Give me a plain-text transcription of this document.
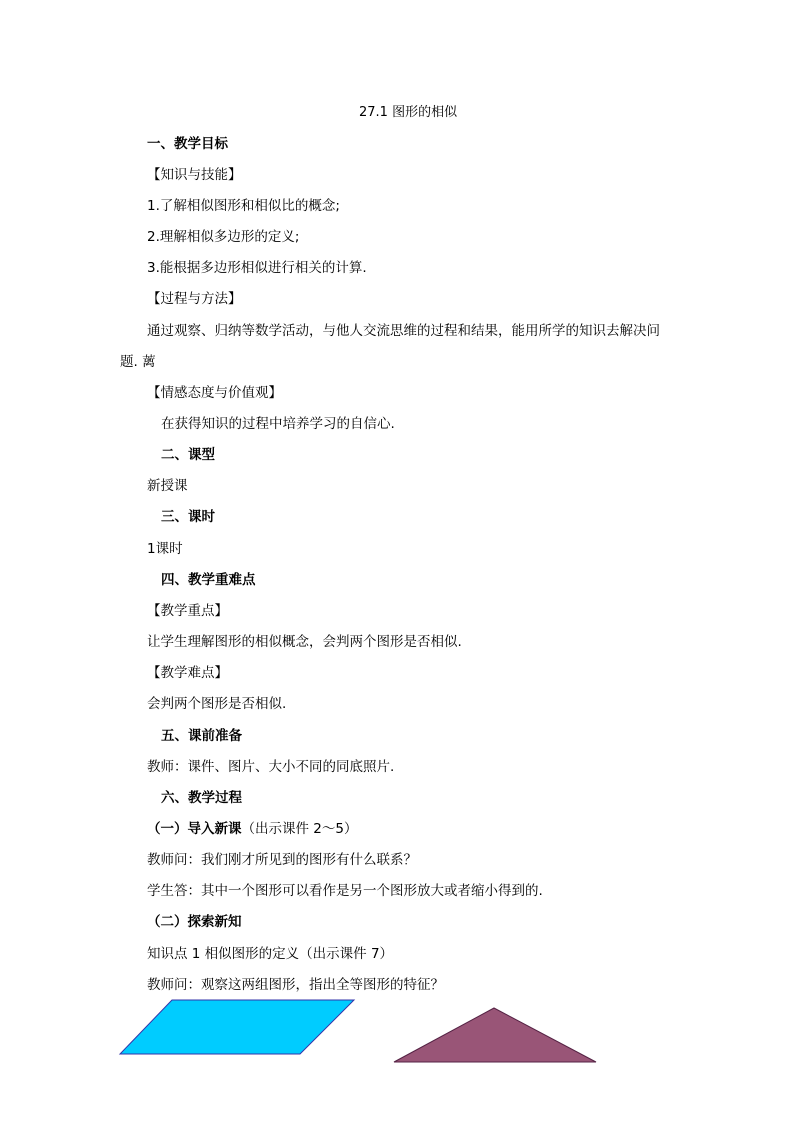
27.1 图形的相似
一、教学目标
【知识与技能】
1.了解相似图形和相似比的概念;
2.理解相似多边形的定义;
3.能根据多边形相似进行相关的计算.
【过程与方法】
通过观察、归纳等数学活动，与他人交流思维的过程和结果，能用所学的知识去解决问
题. 蓠
【情感态度与价值观】
在获得知识的过程中培养学习的自信心.
二、课型
新授课
三、课时
1课时
四、教学重难点
【教学重点】
让学生理解图形的相似概念，会判两个图形是否相似.
【教学难点】
会判两个图形是否相似.
五、课前准备
教师：课件、图片、大小不同的同底照片.
六、教学过程
（一）导入新课（出示课件 2～5）
教师问：我们刚才所见到的图形有什么联系？
学生答：其中一个图形可以看作是另一个图形放大或者缩小得到的.
（二）探索新知
知识点 1 相似图形的定义（出示课件 7）
教师问：观察这两组图形，指出全等图形的特征？
